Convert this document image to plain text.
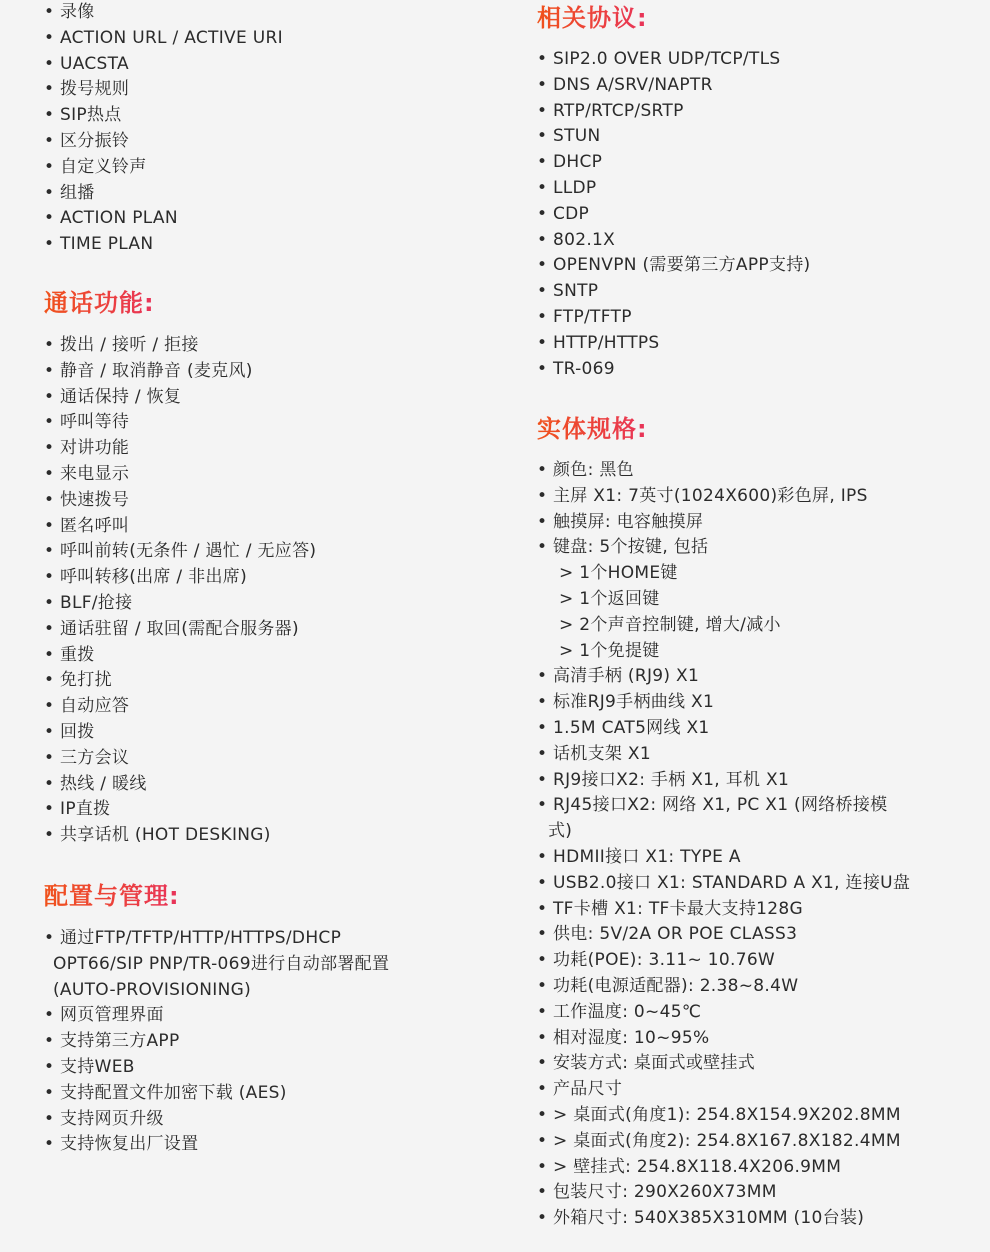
• 录像
• ACTION URL / ACTIVE URI
• UACSTA
• 拨号规则
• SIP热点
• 区分振铃
• 自定义铃声
• 组播
• ACTION PLAN
• TIME PLAN
通话功能:
• 拨出 / 接听 / 拒接
• 静音 / 取消静音 (麦克风)
• 通话保持 / 恢复
• 呼叫等待
• 对讲功能
• 来电显示
• 快速拨号
• 匿名呼叫
• 呼叫前转(无条件 / 遇忙 / 无应答)
• 呼叫转移(出席 / 非出席)
• BLF/抢接
• 通话驻留 / 取回(需配合服务器)
• 重拨
• 免打扰
• 自动应答
• 回拨
• 三方会议
• 热线 / 暖线
• IP直拨
• 共享话机 (HOT DESKING)
配置与管理:
• 通过FTP/TFTP/HTTP/HTTPS/DHCP
OPT66/SIP PNP/TR-069进行自动部署配置
(AUTO-PROVISIONING)
• 网页管理界面
• 支持第三方APP
• 支持WEB
• 支持配置文件加密下载 (AES)
• 支持网页升级
• 支持恢复出厂设置
相关协议:
• SIP2.0 OVER UDP/TCP/TLS
• DNS A/SRV/NAPTR
• RTP/RTCP/SRTP
• STUN
• DHCP
• LLDP
• CDP
• 802.1X
• OPENVPN (需要第三方APP支持)
• SNTP
• FTP/TFTP
• HTTP/HTTPS
• TR-069
实体规格:
• 颜色: 黑色
• 主屏 X1: 7英寸(1024X600)彩色屏, IPS
• 触摸屏: 电容触摸屏
• 键盘: 5个按键, 包括
> 1个HOME键
> 1个返回键
> 2个声音控制键, 增大/减小
> 1个免提键
• 高清手柄 (RJ9) X1
• 标准RJ9手柄曲线 X1
• 1.5M CAT5网线 X1
• 话机支架 X1
• RJ9接口X2: 手柄 X1, 耳机 X1
• RJ45接口X2: 网络 X1, PC X1 (网络桥接模
式)
• HDMII接口 X1: TYPE A
• USB2.0接口 X1: STANDARD A X1, 连接U盘
• TF卡槽 X1: TF卡最大支持128G
• 供电: 5V/2A OR POE CLASS3
• 功耗(POE): 3.11~ 10.76W
• 功耗(电源适配器): 2.38~8.4W
• 工作温度: 0~45℃
• 相对湿度: 10~95%
• 安装方式: 桌面式或壁挂式
• 产品尺寸
• > 桌面式(角度1): 254.8X154.9X202.8MM
• > 桌面式(角度2): 254.8X167.8X182.4MM
• > 壁挂式: 254.8X118.4X206.9MM
• 包装尺寸: 290X260X73MM
• 外箱尺寸: 540X385X310MM (10台装)
